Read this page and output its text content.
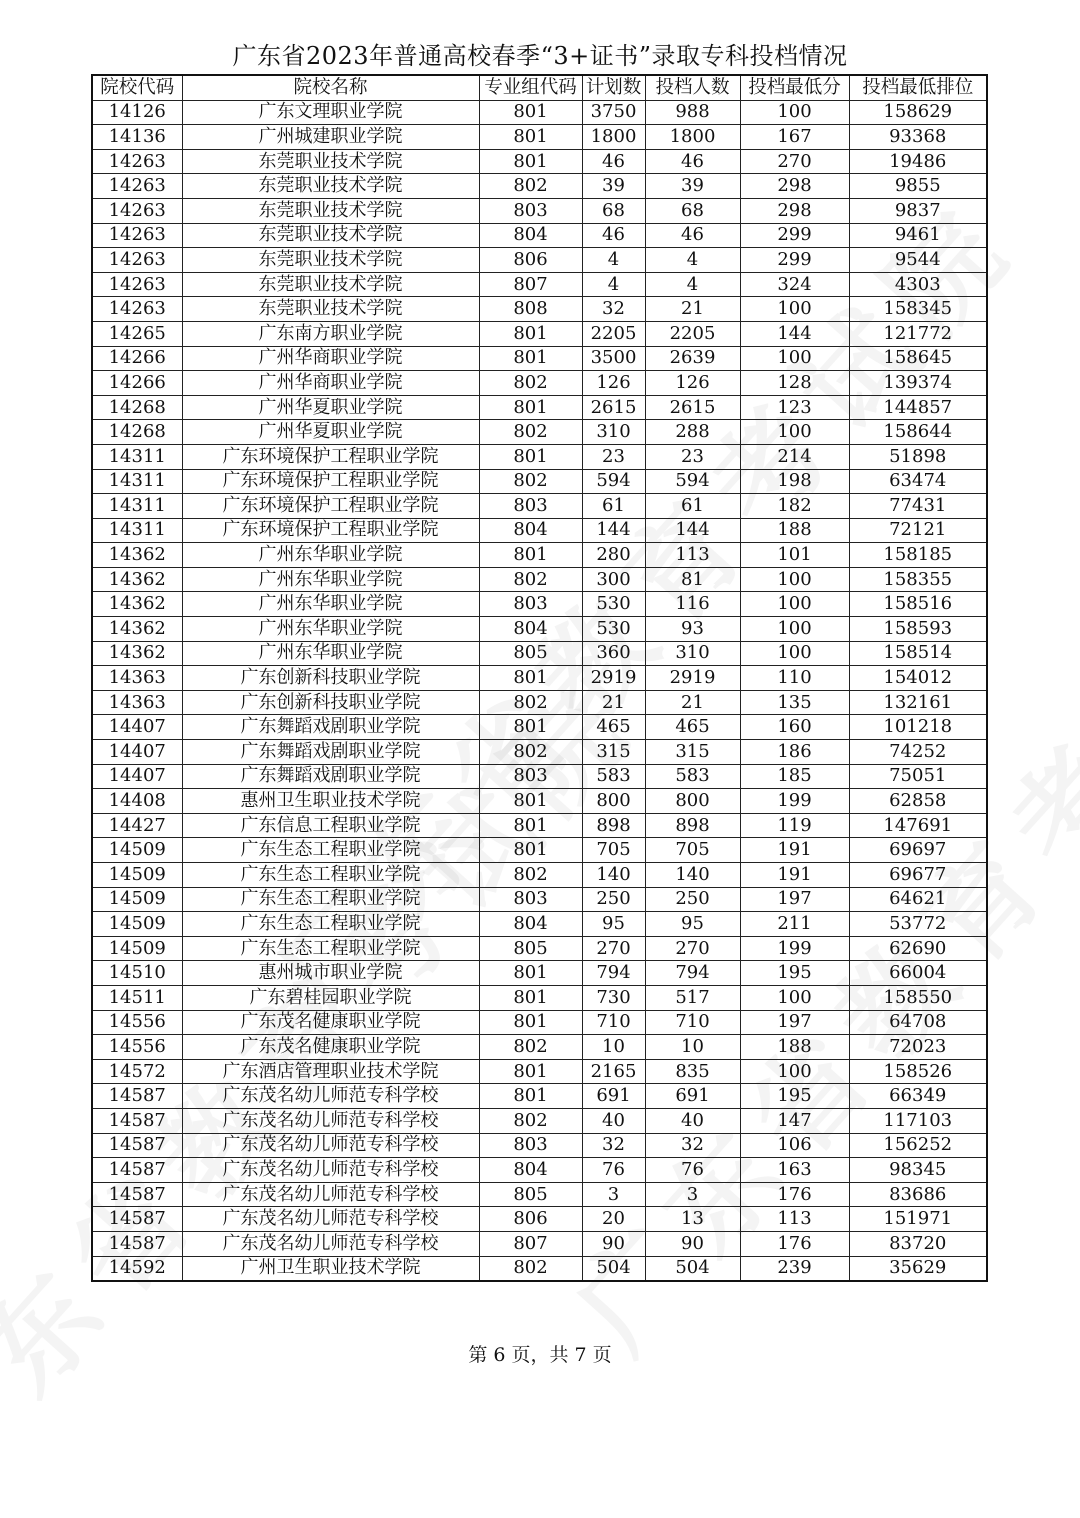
广东省2023年普通高校春季“3+证书”录取专科投档情况
院校代码	院校名称	专业组代码	计划数	投档人数	投档最低分	投档最低排位
14126	广东文理职业学院	801	3750	988	100	158629
14136	广州城建职业学院	801	1800	1800	167	93368
14263	东莞职业技术学院	801	46	46	270	19486
14263	东莞职业技术学院	802	39	39	298	9855
14263	东莞职业技术学院	803	68	68	298	9837
14263	东莞职业技术学院	804	46	46	299	9461
14263	东莞职业技术学院	806	4	4	299	9544
14263	东莞职业技术学院	807	4	4	324	4303
14263	东莞职业技术学院	808	32	21	100	158345
14265	广东南方职业学院	801	2205	2205	144	121772
14266	广州华商职业学院	801	3500	2639	100	158645
14266	广州华商职业学院	802	126	126	128	139374
14268	广州华夏职业学院	801	2615	2615	123	144857
14268	广州华夏职业学院	802	310	288	100	158644
14311	广东环境保护工程职业学院	801	23	23	214	51898
14311	广东环境保护工程职业学院	802	594	594	198	63474
14311	广东环境保护工程职业学院	803	61	61	182	77431
14311	广东环境保护工程职业学院	804	144	144	188	72121
14362	广州东华职业学院	801	280	113	101	158185
14362	广州东华职业学院	802	300	81	100	158355
14362	广州东华职业学院	803	530	116	100	158516
14362	广州东华职业学院	804	530	93	100	158593
14362	广州东华职业学院	805	360	310	100	158514
14363	广东创新科技职业学院	801	2919	2919	110	154012
14363	广东创新科技职业学院	802	21	21	135	132161
14407	广东舞蹈戏剧职业学院	801	465	465	160	101218
14407	广东舞蹈戏剧职业学院	802	315	315	186	74252
14407	广东舞蹈戏剧职业学院	803	583	583	185	75051
14408	惠州卫生职业技术学院	801	800	800	199	62858
14427	广东信息工程职业学院	801	898	898	119	147691
14509	广东生态工程职业学院	801	705	705	191	69697
14509	广东生态工程职业学院	802	140	140	191	69677
14509	广东生态工程职业学院	803	250	250	197	64621
14509	广东生态工程职业学院	804	95	95	211	53772
14509	广东生态工程职业学院	805	270	270	199	62690
14510	惠州城市职业学院	801	794	794	195	66004
14511	广东碧桂园职业学院	801	730	517	100	158550
14556	广东茂名健康职业学院	801	710	710	197	64708
14556	广东茂名健康职业学院	802	10	10	188	72023
14572	广东酒店管理职业技术学院	801	2165	835	100	158526
14587	广东茂名幼儿师范专科学校	801	691	691	195	66349
14587	广东茂名幼儿师范专科学校	802	40	40	147	117103
14587	广东茂名幼儿师范专科学校	803	32	32	106	156252
14587	广东茂名幼儿师范专科学校	804	76	76	163	98345
14587	广东茂名幼儿师范专科学校	805	3	3	176	83686
14587	广东茂名幼儿师范专科学校	806	20	13	113	151971
14587	广东茂名幼儿师范专科学校	807	90	90	176	83720
14592	广州卫生职业技术学院	802	504	504	239	35629
第 6 页，共 7 页
